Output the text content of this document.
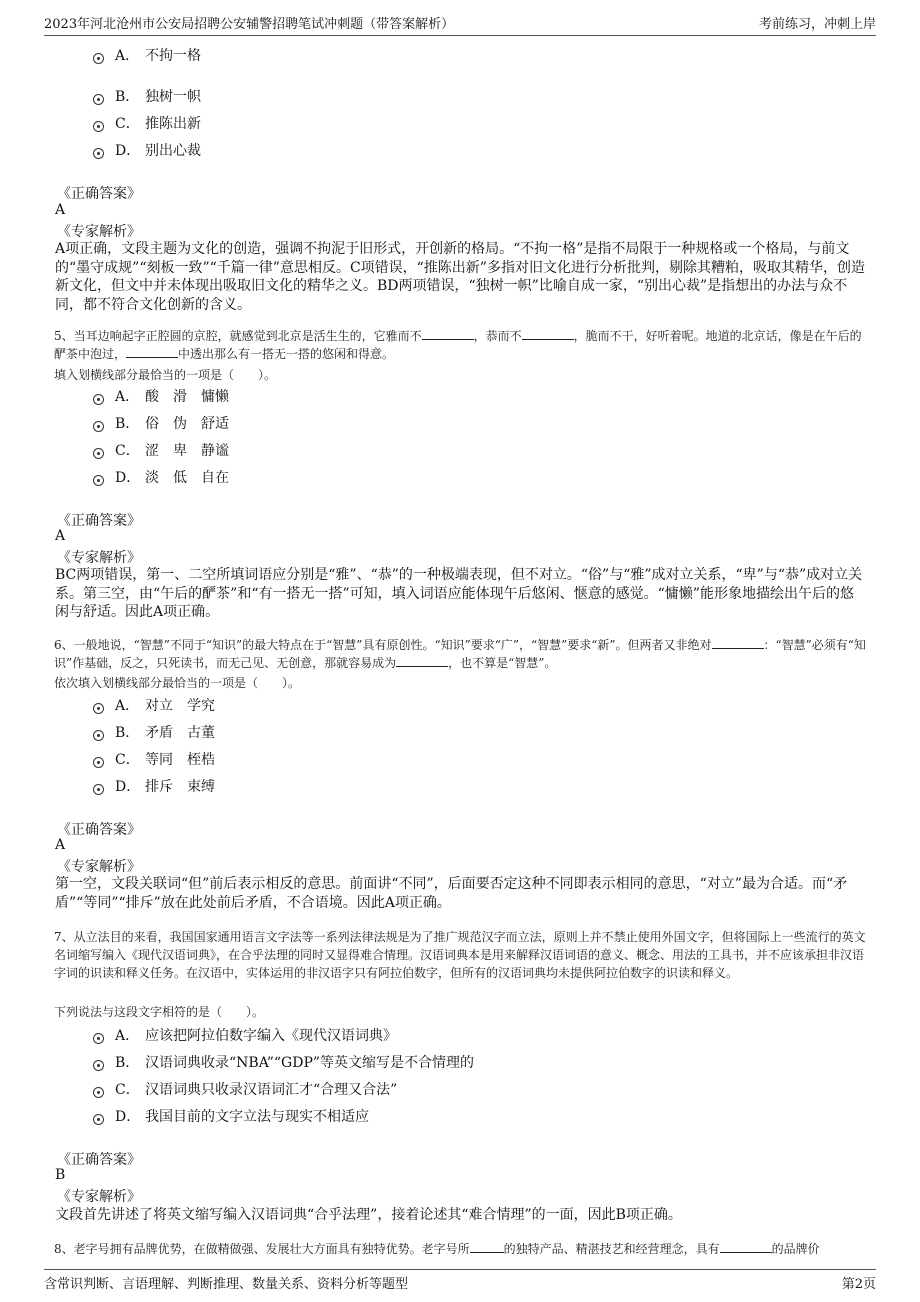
2023年河北沧州市公安局招聘公安辅警招聘笔试冲刺题（带答案解析）	考前练习，冲刺上岸
A． 不拘一格
B． 独树一帜
C． 推陈出新
D． 别出心裁
《正确答案》
A
《专家解析》
A项正确，文段主题为文化的创造，强调不拘泥于旧形式，开创新的格局。“不拘一格”是指不局限于一种规格或一个格局，与前文的“墨守成规”“刻板一致”“千篇一律”意思相反。C项错误，“推陈出新”多指对旧文化进行分析批判，剔除其糟粕，吸取其精华，创造新文化，但文中并未体现出吸取旧文化的精华之义。BD两项错误，“独树一帜”比喻自成一家，“别出心裁”是指想出的办法与众不同，都不符合文化创新的含义。
5、当耳边响起字正腔圆的京腔，就感觉到北京是活生生的，它雅而不	，恭而不	，脆而不干，好听着呢。地道的北京话，像是在午后的酽茶中泡过，	中透出那么有一搭无一搭的悠闲和得意。
填入划横线部分最恰当的一项是（　　）。
A． 酸　滑　慵懒
B． 俗　伪　舒适
C． 涩　卑　静谧
D． 淡　低　自在
《正确答案》
A
《专家解析》
BC两项错误，第一、二空所填词语应分别是“雅”、“恭”的一种极端表现，但不对立。“俗”与“雅”成对立关系，“卑”与“恭”成对立关系。第三空，由“午后的酽茶”和“有一搭无一搭”可知，填入词语应能体现午后悠闲、惬意的感觉。“慵懒”能形象地描绘出午后的悠闲与舒适。因此A项正确。
6、一般地说，“智慧”不同于“知识”的最大特点在于“智慧”具有原创性。“知识”要求“广”，“智慧”要求“新”。但两者又非绝对	：“智慧”必须有“知识”作基础，反之，只死读书，而无己见、无创意，那就容易成为	，也不算是“智慧”。
依次填入划横线部分最恰当的一项是（　　）。
A． 对立　学究
B． 矛盾　古董
C． 等同　桎梏
D． 排斥　束缚
《正确答案》
A
《专家解析》
第一空，文段关联词“但”前后表示相反的意思。前面讲“不同”，后面要否定这种不同即表示相同的意思，“对立”最为合适。而“矛盾”“等同”“排斥”放在此处前后矛盾，不合语境。因此A项正确。
7、从立法目的来看，我国国家通用语言文字法等一系列法律法规是为了推广规范汉字而立法，原则上并不禁止使用外国文字，但将国际上一些流行的英文名词缩写编入《现代汉语词典》，在合乎法理的同时又显得难合情理。汉语词典本是用来解释汉语词语的意义、概念、用法的工具书，并不应该承担非汉语字词的识读和释义任务。在汉语中，实体运用的非汉语字只有阿拉伯数字，但所有的汉语词典均未提供阿拉伯数字的识读和释义。
下列说法与这段文字相符的是（　　）。
A． 应该把阿拉伯数字编入《现代汉语词典》
B． 汉语词典收录“NBA”“GDP”等英文缩写是不合情理的
C． 汉语词典只收录汉语词汇才“合理又合法”
D． 我国目前的文字立法与现实不相适应
《正确答案》
B
《专家解析》
文段首先讲述了将英文缩写编入汉语词典“合乎法理”，接着论述其“难合情理”的一面，因此B项正确。
8、老字号拥有品牌优势，在做精做强、发展壮大方面具有独特优势。老字号所	的独特产品、精湛技艺和经营理念，具有	的品牌价
含常识判断、言语理解、判断推理、数量关系、资料分析等题型	第2页
